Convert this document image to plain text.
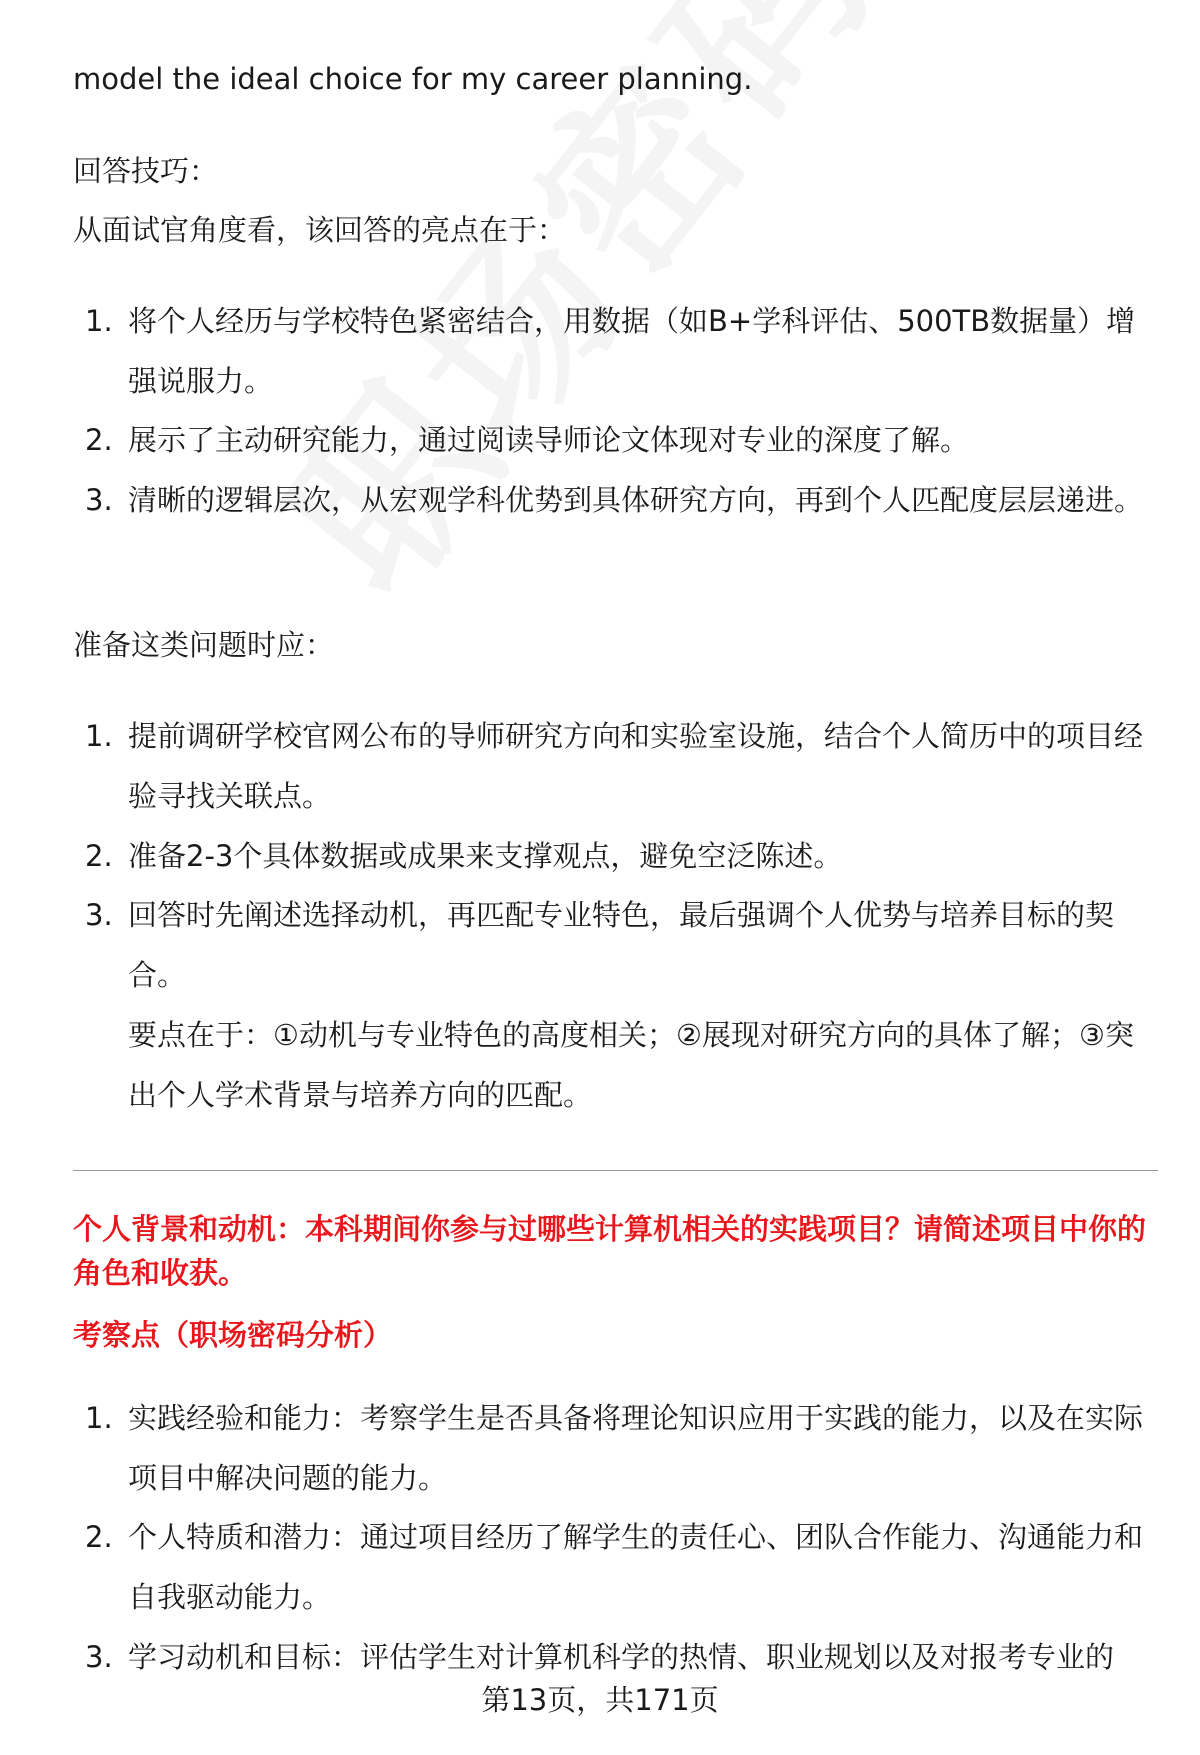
model the ideal choice for my career planning.
回答技巧：
从面试官角度看，该回答的亮点在于：
1. 将个人经历与学校特色紧密结合，用数据（如B+学科评估、500TB数据量）增强说服力。
2. 展示了主动研究能力，通过阅读导师论文体现对专业的深度了解。
3. 清晰的逻辑层次，从宏观学科优势到具体研究方向，再到个人匹配度层层递进。
准备这类问题时应：
1. 提前调研学校官网公布的导师研究方向和实验室设施，结合个人简历中的项目经验寻找关联点。
2. 准备2-3个具体数据或成果来支撑观点，避免空泛陈述。
3. 回答时先阐述选择动机，再匹配专业特色，最后强调个人优势与培养目标的契合。
要点在于：①动机与专业特色的高度相关；②展现对研究方向的具体了解；③突出个人学术背景与培养方向的匹配。
个人背景和动机：本科期间你参与过哪些计算机相关的实践项目？请简述项目中你的角色和收获。
考察点（职场密码分析）
1. 实践经验和能力：考察学生是否具备将理论知识应用于实践的能力，以及在实际项目中解决问题的能力。
2. 个人特质和潜力：通过项目经历了解学生的责任心、团队合作能力、沟通能力和自我驱动能力。
3. 学习动机和目标：评估学生对计算机科学的热情、职业规划以及对报考专业的
第13页，共171页
